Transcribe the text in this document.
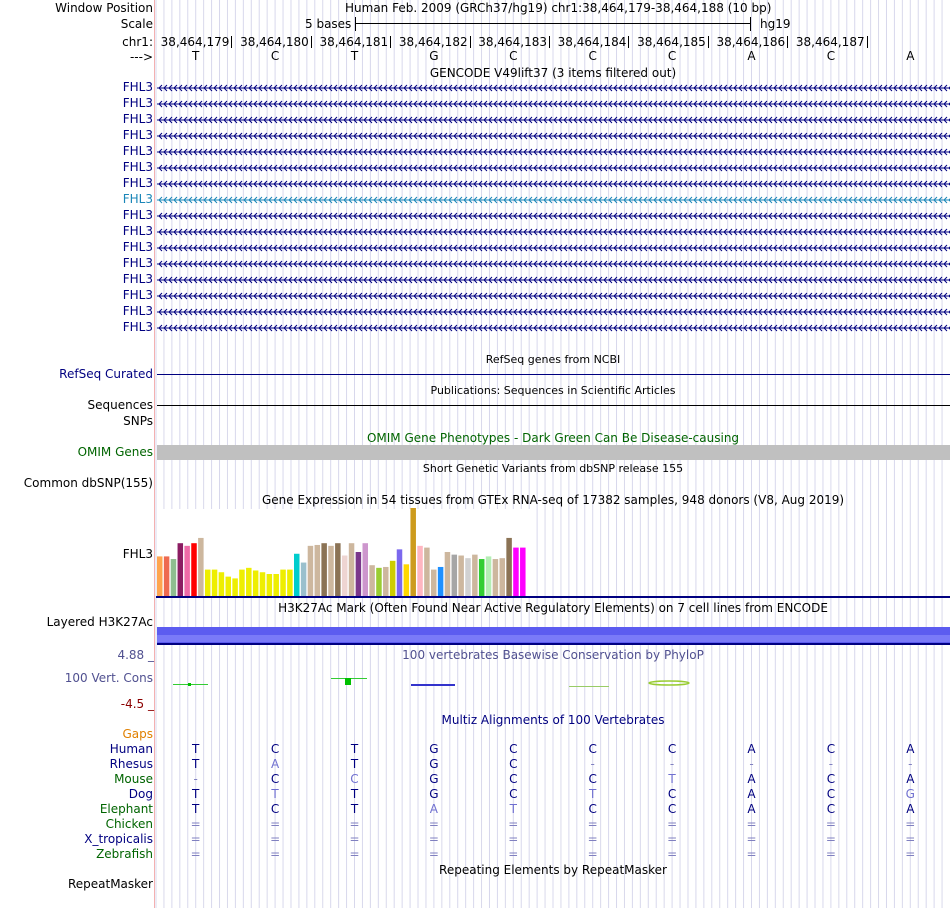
Window Position
Scale
chr1:
--->
Human Feb. 2009 (GRCh37/hg19) chr1:38,464,179-38,464,188 (10 bp)
5 bases	hg19
38,464,179 38,464,180 38,464,181 38,464,182 38,464,183 38,464,184 38,464,185 38,464,186 38,464,187
T	C	T	G	C	C	C	A	C	A
GENCODE V49lift37 (3 items filtered out)
FHL3
FHL3
FHL3
FHL3
FHL3
FHL3
FHL3
FHL3
FHL3
FHL3
FHL3
FHL3
FHL3
FHL3
FHL3
FHL3
RefSeq genes from NCBI
RefSeq Curated
Publications: Sequences in Scientific Articles
Sequences
SNPs
OMIM Gene Phenotypes - Dark Green Can Be Disease-causing
OMIM Genes
Short Genetic Variants from dbSNP release 155
Common dbSNP(155)
Gene Expression in 54 tissues from GTEx RNA-seq of 17382 samples, 948 donors (V8, Aug 2019)
FHL3
H3K27Ac Mark (Often Found Near Active Regulatory Elements) on 7 cell lines from ENCODE
Layered H3K27Ac
100 vertebrates Basewise Conservation by PhyloP
4.88 _
100 Vert. Cons
-4.5 _
Multiz Alignments of 100 Vertebrates
Gaps
Human	T	C	T	G	C	C	C	A	C	A
Rhesus	T	A	T	G	C	-	-	-	-	-
Mouse	-	C	C	G	C	C	T	A	C	A
Dog	T	T	T	G	C	T	C	A	C	G
Elephant	T	C	T	A	T	C	C	A	C	A
Chicken	=	=	=	=	=	=	=	=	=	=
X_tropicalis	=	=	=	=	=	=	=	=	=	=
Zebrafish	=	=	=	=	=	=	=	=	=	=
Repeating Elements by RepeatMasker
RepeatMasker
